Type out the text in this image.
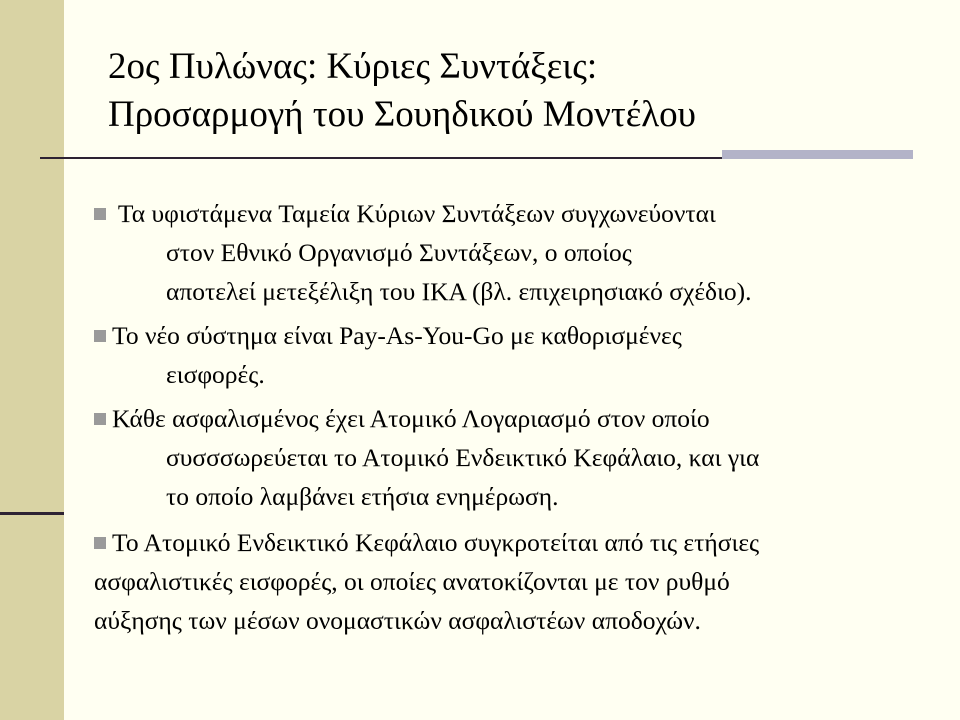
2ος Πυλώνας: Κύριες Συντάξεις:
Προσαρμογή του Σουηδικού Μοντέλου
Τα υφιστάμενα Ταμεία Κύριων Συντάξεων συγχωνεύονται
στον Εθνικό Οργανισμό Συντάξεων, ο οποίος
αποτελεί μετεξέλιξη του ΙΚΑ (βλ. επιχειρησιακό σχέδιο).
Το νέο σύστημα είναι Pay-As-You-Go με καθορισμένες
εισφορές.
Κάθε ασφαλισμένος έχει Ατομικό Λογαριασμό στον οποίο
συσσσωρεύεται το Ατομικό Ενδεικτικό Κεφάλαιο, και για
το οποίο λαμβάνει ετήσια ενημέρωση.
Το Ατομικό Ενδεικτικό Κεφάλαιο συγκροτείται από τις ετήσιες
ασφαλιστικές εισφορές, οι οποίες ανατοκίζονται με τον ρυθμό
αύξησης των μέσων ονομαστικών ασφαλιστέων αποδοχών.
